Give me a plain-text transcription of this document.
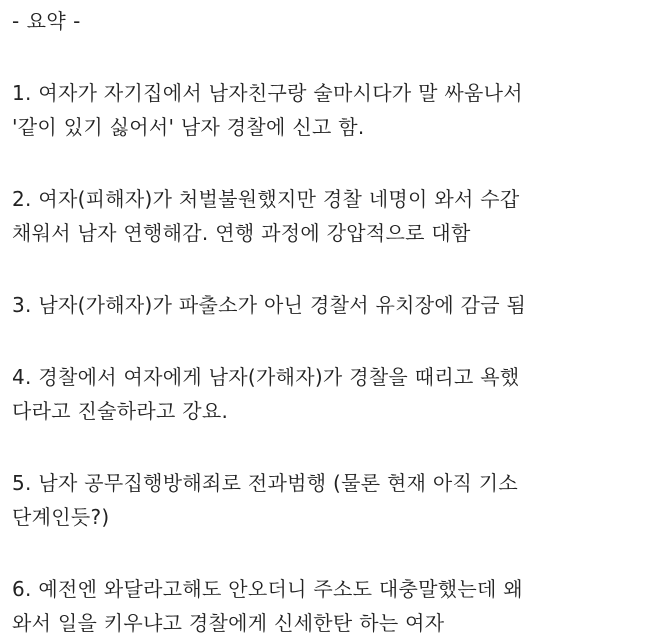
- 요약 -

1. 여자가 자기집에서 남자친구랑 술마시다가 말 싸움나서
'같이 있기 싫어서' 남자 경찰에 신고 함.
2. 여자(피해자)가 처벌불원했지만 경찰 네명이 와서 수갑
채워서 남자 연행해감. 연행 과정에 강압적으로 대함
3. 남자(가해자)가 파출소가 아닌 경찰서 유치장에 감금 됨
4. 경찰에서 여자에게 남자(가해자)가 경찰을 때리고 욕했
다라고 진술하라고 강요.
5. 남자 공무집행방해죄로 전과범행 (물론 현재 아직 기소
단계인듯?)
6. 예전엔 와달라고해도 안오더니 주소도 대충말했는데 왜
와서 일을 키우냐고 경찰에게 신세한탄 하는 여자
